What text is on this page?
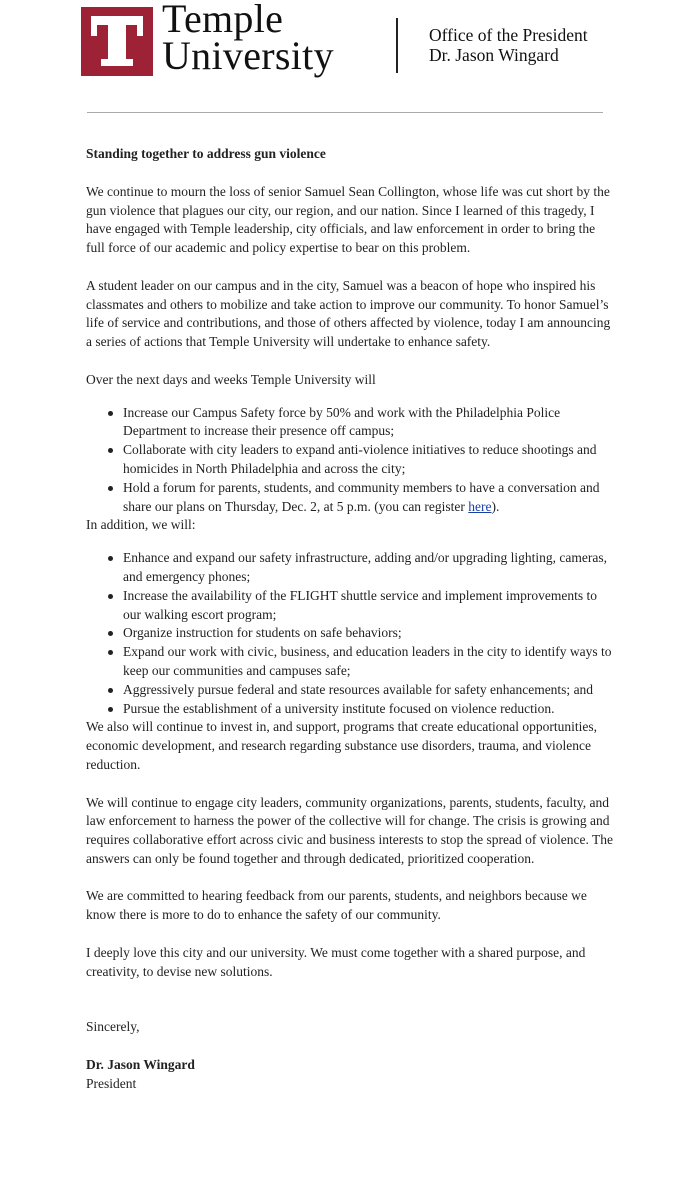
Temple
University	Office of the President
Dr. Jason Wingard
Standing together to address gun violence

We continue to mourn the loss of senior Samuel Sean Collington, whose life was cut short by the gun violence that plagues our city, our region, and our nation. Since I learned of this tragedy, I have engaged with Temple leadership, city officials, and law enforcement in order to bring the full force of our academic and policy expertise to bear on this problem.

A student leader on our campus and in the city, Samuel was a beacon of hope who inspired his classmates and others to mobilize and take action to improve our community. To honor Samuel’s life of service and contributions, and those of others affected by violence, today I am announcing a series of actions that Temple University will undertake to enhance safety.

Over the next days and weeks Temple University will

Increase our Campus Safety force by 50% and work with the Philadelphia Police Department to increase their presence off campus;
Collaborate with city leaders to expand anti-violence initiatives to reduce shootings and homicides in North Philadelphia and across the city;
Hold a forum for parents, students, and community members to have a conversation and share our plans on Thursday, Dec. 2, at 5 p.m. (you can register here).

In addition, we will:

Enhance and expand our safety infrastructure, adding and/or upgrading lighting, cameras, and emergency phones;
Increase the availability of the FLIGHT shuttle service and implement improvements to our walking escort program;
Organize instruction for students on safe behaviors;
Expand our work with civic, business, and education leaders in the city to identify ways to keep our communities and campuses safe;
Aggressively pursue federal and state resources available for safety enhancements; and
Pursue the establishment of a university institute focused on violence reduction.

We also will continue to invest in, and support, programs that create educational opportunities, economic development, and research regarding substance use disorders, trauma, and violence reduction.

We will continue to engage city leaders, community organizations, parents, students, faculty, and law enforcement to harness the power of the collective will for change. The crisis is growing and requires collaborative effort across civic and business interests to stop the spread of violence. The answers can only be found together and through dedicated, prioritized cooperation.

We are committed to hearing feedback from our parents, students, and neighbors because we know there is more to do to enhance the safety of our community.

I deeply love this city and our university. We must come together with a shared purpose, and creativity, to devise new solutions.

Sincerely,

Dr. Jason Wingard
President
